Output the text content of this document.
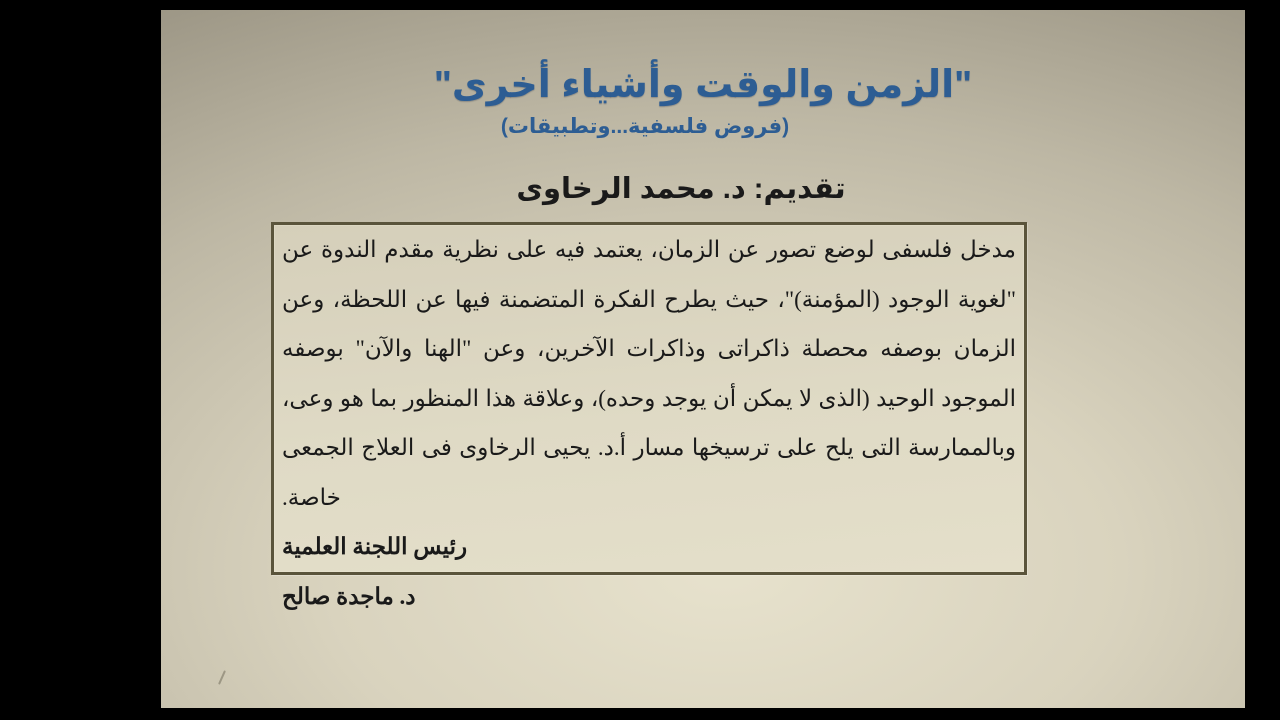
"الزمن والوقت وأشياء أخرى"
(فروض فلسفية...وتطبيقات)
تقديم: د. محمد الرخاوى
مدخل فلسفى لوضع تصور عن الزمان، يعتمد فيه على نظرية مقدم الندوة عن "لغوية الوجود (المؤمنة)"، حيث يطرح الفكرة المتضمنة فيها عن اللحظة، وعن الزمان بوصفه محصلة ذاكراتى وذاكرات الآخرين، وعن "الهنا والآن" بوصفه الموجود الوحيد (الذى لا يمكن أن يوجد وحده)، وعلاقة هذا المنظور بما هو وعى، وبالممارسة التى يلح على ترسيخها مسار أ.د. يحيى الرخاوى فى العلاج الجمعى خاصة.
رئيس اللجنة العلمية
د. ماجدة صالح
